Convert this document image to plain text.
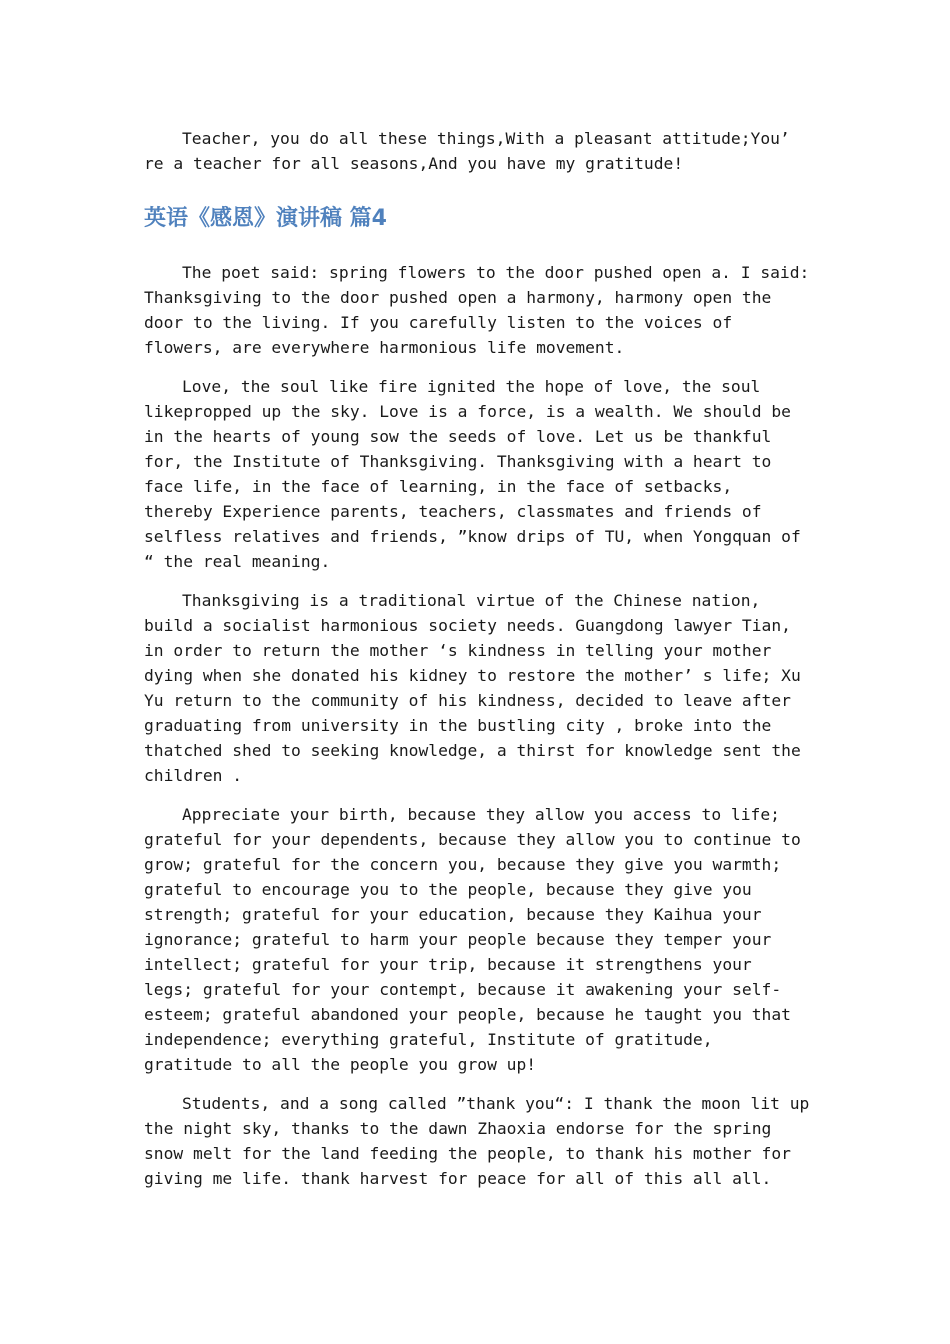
Teacher, you do all these things,With a pleasant attitude;You’ re a teacher for all seasons,And you have my gratitude!

英语《感恩》演讲稿 篇4

The poet said: spring flowers to the door pushed open a. I said: Thanksgiving to the door pushed open a harmony, harmony open the door to the living. If you carefully listen to the voices of flowers, are everywhere harmonious life movement.

Love, the soul like fire ignited the hope of love, the soul likepropped up the sky. Love is a force, is a wealth. We should be in the hearts of young sow the seeds of love. Let us be thankful for, the Institute of Thanksgiving. Thanksgiving with a heart to face life, in the face of learning, in the face of setbacks, thereby Experience parents, teachers, classmates and friends of selfless relatives and friends, ”know drips of TU, when Yongquan of “ the real meaning.

Thanksgiving is a traditional virtue of the Chinese nation, build a socialist harmonious society needs. Guangdong lawyer Tian, in order to return the mother ‘s kindness in telling your mother dying when she donated his kidney to restore the mother’ s life; Xu Yu return to the community of his kindness, decided to leave after graduating from university in the bustling city , broke into the thatched shed to seeking knowledge, a thirst for knowledge sent the children .

Appreciate your birth, because they allow you access to life; grateful for your dependents, because they allow you to continue to grow; grateful for the concern you, because they give you warmth; grateful to encourage you to the people, because they give you strength; grateful for your education, because they Kaihua your ignorance; grateful to harm your people because they temper your intellect; grateful for your trip, because it strengthens your legs; grateful for your contempt, because it awakening your self-esteem; grateful abandoned your people, because he taught you that independence; everything grateful, Institute of gratitude, gratitude to all the people you grow up!

Students, and a song called ”thank you“: I thank the moon lit up the night sky, thanks to the dawn Zhaoxia endorse for the spring snow melt for the land feeding the people, to thank his mother for giving me life. thank harvest for peace for all of this all all.
